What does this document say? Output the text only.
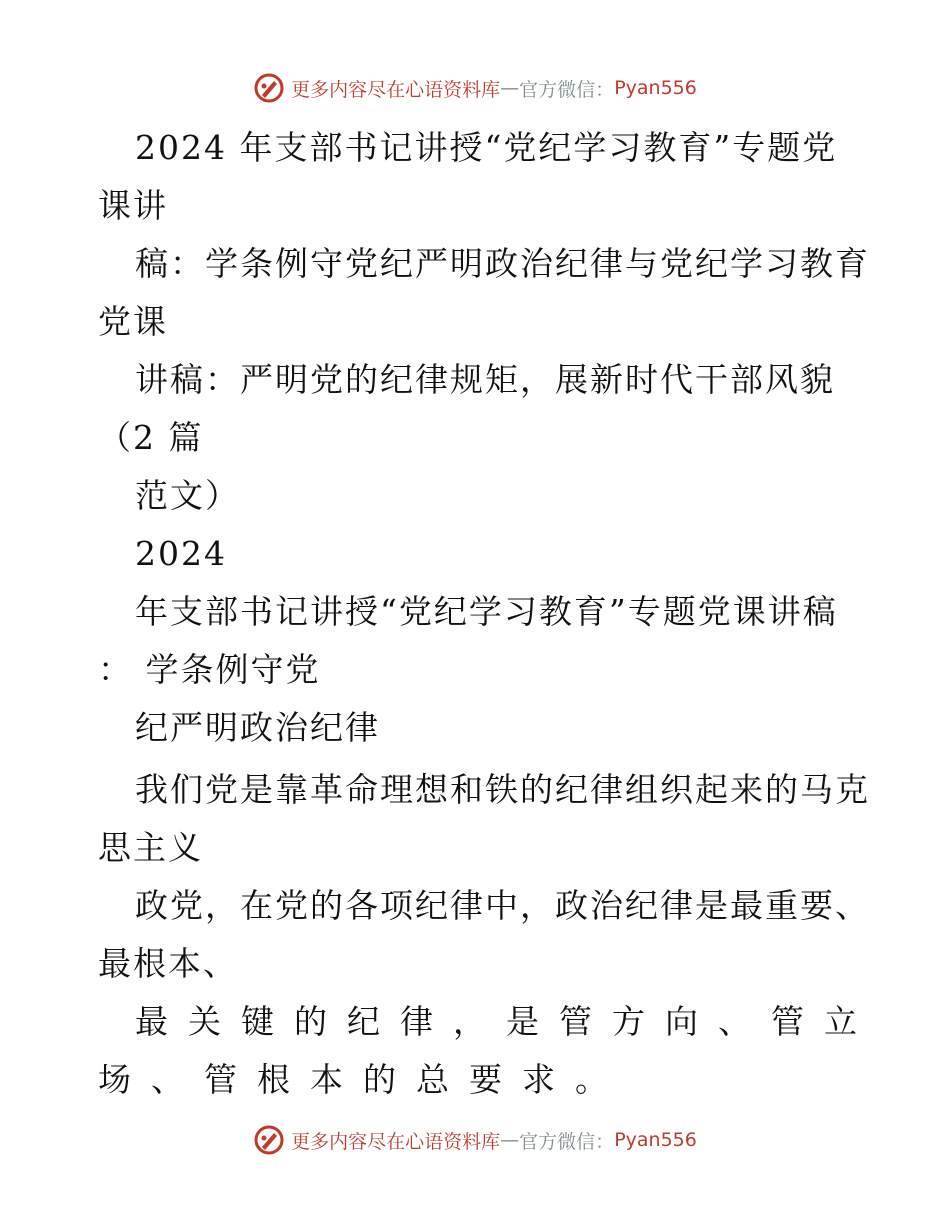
更多内容尽在心语资料库 — 官方微信： Pyan556
2024 年支部书记讲授“党纪学习教育”专题党
课讲
稿：学条例守党纪严明政治纪律与党纪学习教育
党课
讲稿：严明党的纪律规矩，展新时代干部风貌
（2 篇
范文）
2024
年支部书记讲授“党纪学习教育”专题党课讲稿
： 学条例守党
纪严明政治纪律
我们党是靠革命理想和铁的纪律组织起来的马克
思主义
政党，在党的各项纪律中，政治纪律是最重要、
最根本、
最关键的纪律，是管方向、管立
场、管根本的总要求。
更多内容尽在心语资料库 — 官方微信： Pyan556
